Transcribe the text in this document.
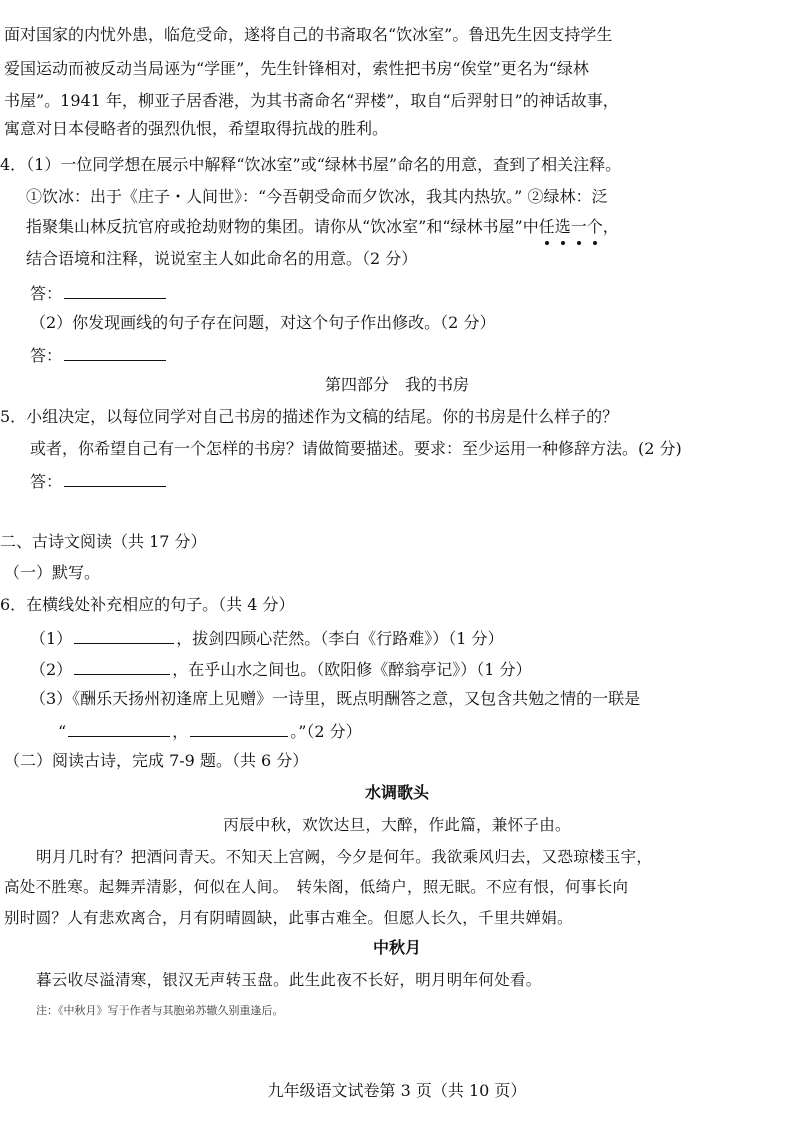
面对国家的内忧外患，临危受命，遂将自己的书斋取名“饮冰室”。鲁迅先生因支持学生
爱国运动而被反动当局诬为“学匪”，先生针锋相对，索性把书房“俟堂”更名为“绿林
书屋”。1941 年，柳亚子居香港，为其书斋命名“羿楼”，取自“后羿射日”的神话故事，
寓意对日本侵略者的强烈仇恨，希望取得抗战的胜利。
4．（1）一位同学想在展示中解释“饮冰室”或“绿林书屋”命名的用意，查到了相关注释。
①饮冰：出于《庄子・人间世》：“今吾朝受命而夕饮冰，我其内热欤。” ②绿林：泛
指聚集山林反抗官府或抢劫财物的集团。请你从“饮冰室”和“绿林书屋”中任选一个，
结合语境和注释，说说室主人如此命名的用意。（2 分）
答：
（2）你发现画线的句子存在问题，对这个句子作出修改。（2 分）
答：
第四部分　我的书房
5．小组决定，以每位同学对自己书房的描述作为文稿的结尾。你的书房是什么样子的？
或者，你希望自己有一个怎样的书房？请做简要描述。要求：至少运用一种修辞方法。(2 分)
答：
二、古诗文阅读（共 17 分）
（一）默写。
6．在横线处补充相应的句子。（共 4 分）
（1）	，拔剑四顾心茫然。（李白《行路难》）（1 分）
（2）	，在乎山水之间也。（欧阳修《醉翁亭记》）（1 分）
（3）《酬乐天扬州初逢席上见赠》一诗里，既点明酬答之意，又包含共勉之情的一联是
“	，	。”（2 分）
（二）阅读古诗，完成 7-9 题。（共 6 分）
水调歌头
丙辰中秋，欢饮达旦，大醉，作此篇，兼怀子由。
明月几时有？把酒问青天。不知天上宫阙，今夕是何年。我欲乘风归去，又恐琼楼玉宇，
高处不胜寒。起舞弄清影，何似在人间。　转朱阁，低绮户，照无眠。不应有恨，何事长向
别时圆？人有悲欢离合，月有阴晴圆缺，此事古难全。但愿人长久，千里共婵娟。
中秋月
暮云收尽溢清寒，银汉无声转玉盘。此生此夜不长好，明月明年何处看。
注：《中秋月》写于作者与其胞弟苏辙久别重逢后。
九年级语文试卷第 3 页（共 10 页）
